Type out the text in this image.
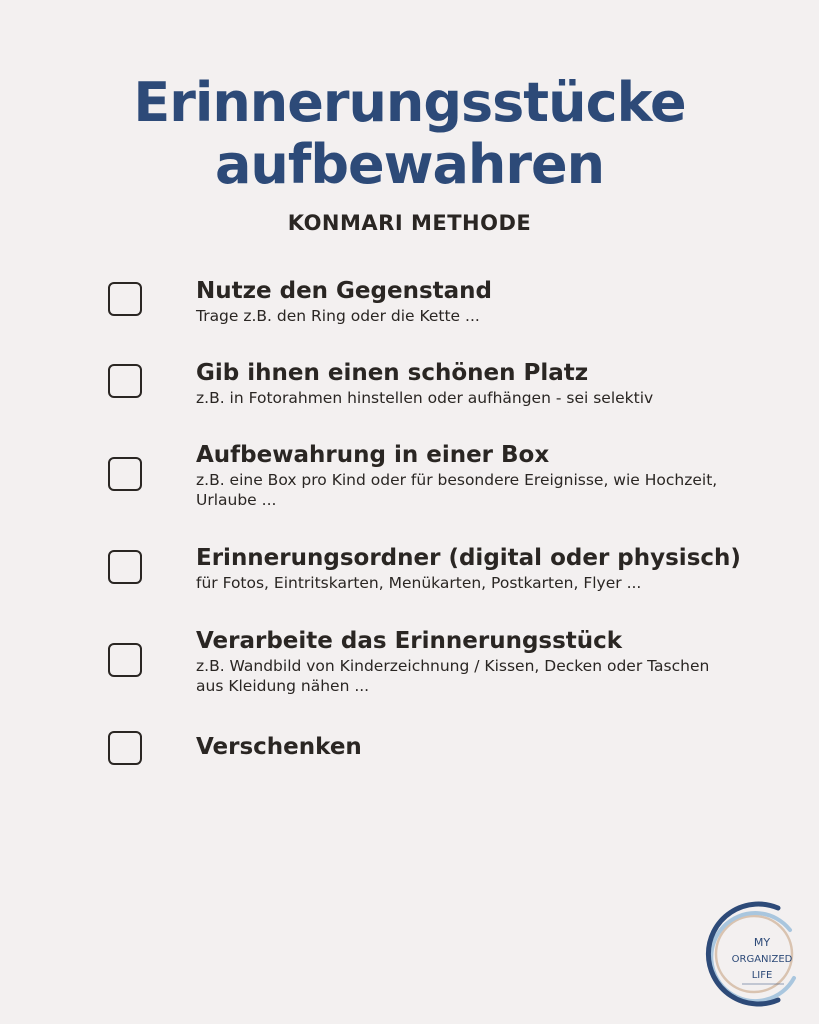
Erinnerungsstücke
aufbewahren
KONMARI METHODE
Nutze den Gegenstand
Trage z.B. den Ring oder die Kette ...
Gib ihnen einen schönen Platz
z.B. in Fotorahmen hinstellen oder aufhängen - sei selektiv
Aufbewahrung in einer Box
z.B. eine Box pro Kind oder für besondere Ereignisse, wie Hochzeit, Urlaube ...
Erinnerungsordner (digital oder physisch)
für Fotos, Eintritskarten, Menükarten, Postkarten, Flyer ...
Verarbeite das Erinnerungsstück
z.B. Wandbild von Kinderzeichnung / Kissen, Decken oder Taschen aus Kleidung nähen ...
Verschenken
MY
ORGANIZED
LIFE
